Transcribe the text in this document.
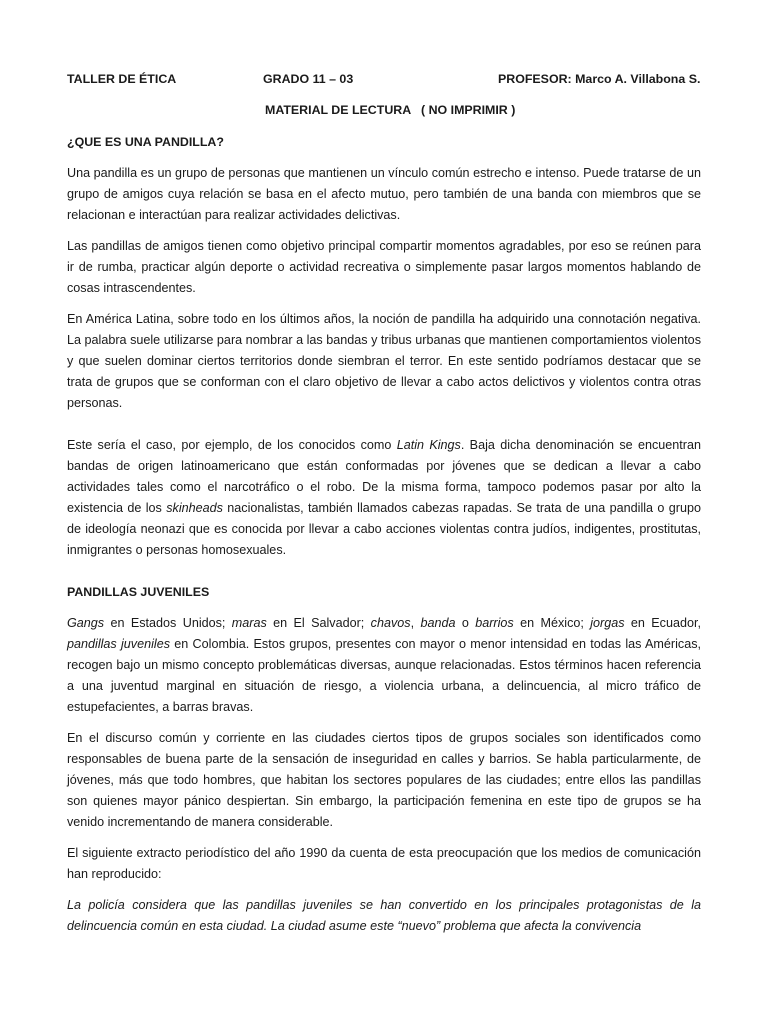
TALLER DE ÉTICA	GRADO 11 – 03	PROFESOR: Marco A. Villabona S.
MATERIAL DE LECTURA   ( NO IMPRIMIR )
¿QUE ES UNA PANDILLA?

Una pandilla es un grupo de personas que mantienen un vínculo común estrecho e intenso. Puede tratarse de un grupo de amigos cuya relación se basa en el afecto mutuo, pero también de una banda con miembros que se relacionan e interactúan para realizar actividades delictivas.

Las pandillas de amigos tienen como objetivo principal compartir momentos agradables, por eso se reúnen para ir de rumba, practicar algún deporte o actividad recreativa o simplemente pasar largos momentos hablando de cosas intrascendentes.

En América Latina, sobre todo en los últimos años, la noción de pandilla ha adquirido una connotación negativa. La palabra suele utilizarse para nombrar a las bandas y tribus urbanas que mantienen comportamientos violentos y que suelen dominar ciertos territorios donde siembran el terror. En este sentido podríamos destacar que se trata de grupos que se conforman con el claro objetivo de llevar a cabo actos delictivos y violentos contra otras personas.

Este sería el caso, por ejemplo, de los conocidos como Latin Kings. Baja dicha denominación se encuentran bandas de origen latinoamericano que están conformadas por jóvenes que se dedican a llevar a cabo actividades tales como el narcotráfico o el robo. De la misma forma, tampoco podemos pasar por alto la existencia de los skinheads nacionalistas, también llamados cabezas rapadas. Se trata de una pandilla o grupo de ideología neonazi que es conocida por llevar a cabo acciones violentas contra judíos, indigentes, prostitutas, inmigrantes o personas homosexuales.

PANDILLAS JUVENILES

Gangs en Estados Unidos; maras en El Salvador; chavos, banda o barrios en México; jorgas en Ecuador, pandillas juveniles en Colombia. Estos grupos, presentes con mayor o menor intensidad en todas las Américas, recogen bajo un mismo concepto problemáticas diversas, aunque relacionadas. Estos términos hacen referencia a una juventud marginal en situación de riesgo, a violencia urbana, a delincuencia, al micro tráfico de estupefacientes, a barras bravas.

En el discurso común y corriente en las ciudades ciertos tipos de grupos sociales son identificados como responsables de buena parte de la sensación de inseguridad en calles y barrios. Se habla particularmente, de jóvenes, más que todo hombres, que habitan los sectores populares de las ciudades; entre ellos las pandillas son quienes mayor pánico despiertan. Sin embargo, la participación femenina en este tipo de grupos se ha venido incrementando de manera considerable.

El siguiente extracto periodístico del año 1990 da cuenta de esta preocupación que los medios de comunicación han reproducido:

La policía considera que las pandillas juveniles se han convertido en los principales protagonistas de la delincuencia común en esta ciudad. La ciudad asume este “nuevo” problema que afecta la convivencia
